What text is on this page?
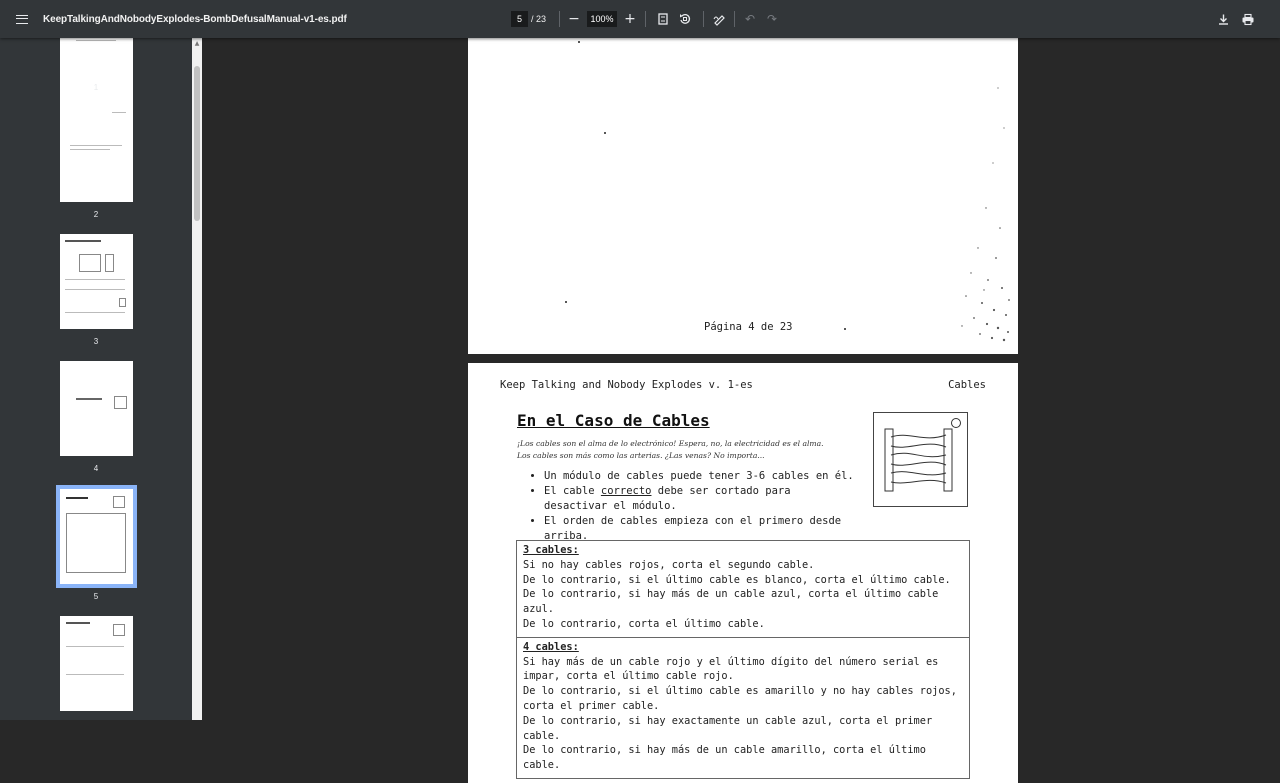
KeepTalkingAndNobodyExplodes-BombDefusalManual-v1-es.pdf	5	/ 23 −	100% +	↶ ↷
1
2
3
4
5
▲
Página 4 de 23
Keep Talking and Nobody Explodes v. 1-es	Cables
En el Caso de Cables
¡Los cables son el alma de lo electrónico! Espera, no, la electricidad es el alma.
Los cables son más como las arterias. ¿Las venas? No importa...
• Un módulo de cables puede tener 3-6 cables en él.
• El cable correcto debe ser cortado para desactivar el módulo.
• El orden de cables empieza con el primero desde arriba.
3 cables:
Si no hay cables rojos, corta el segundo cable.
De lo contrario, si el último cable es blanco, corta el último cable.
De lo contrario, si hay más de un cable azul, corta el último cable azul.
De lo contrario, corta el último cable.
4 cables:
Si hay más de un cable rojo y el último dígito del número serial es impar, corta el último cable rojo.
De lo contrario, si el último cable es amarillo y no hay cables rojos, corta el primer cable.
De lo contrario, si hay exactamente un cable azul, corta el primer cable.
De lo contrario, si hay más de un cable amarillo, corta el último cable.
